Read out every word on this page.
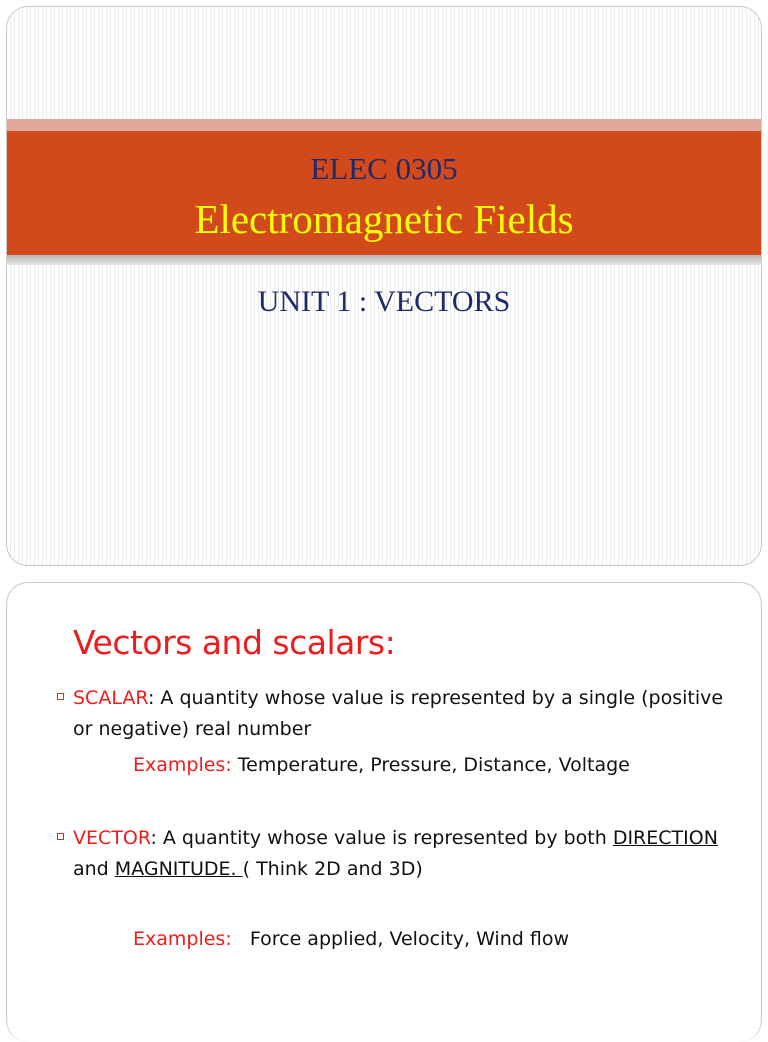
ELEC 0305
Electromagnetic Fields
UNIT 1 : VECTORS
Vectors and scalars:
SCALAR: A quantity whose value is represented by a single (positive or negative) real number
Examples: Temperature, Pressure, Distance, Voltage
VECTOR: A quantity whose value is represented by both DIRECTION and MAGNITUDE. ( Think 2D and 3D)
Examples:   Force applied, Velocity, Wind flow
